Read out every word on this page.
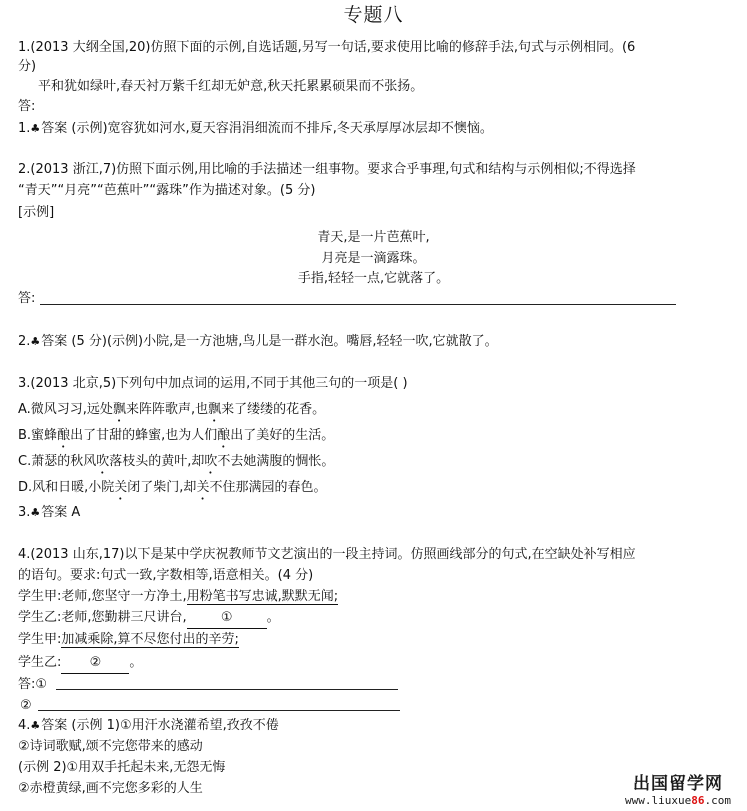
专题八
1.(2013 大纲全国,20)仿照下面的示例,自选话题,另写一句话,要求使用比喻的修辞手法,句式与示例相同。(6
分)
平和犹如绿叶,春天衬万紫千红却无妒意,秋天托累累硕果而不张扬。
答:
1.♣答案 (示例)宽容犹如河水,夏天容涓涓细流而不排斥,冬天承厚厚冰层却不懊恼。
2.(2013 浙江,7)仿照下面示例,用比喻的手法描述一组事物。要求合乎事理,句式和结构与示例相似;不得选择
“青天”“月亮”“芭蕉叶”“露珠”作为描述对象。(5 分)
[示例]
青天,是一片芭蕉叶,
月亮是一滴露珠。
手指,轻轻一点,它就落了。
答:
2.♣答案 (5 分)(示例)小院,是一方池塘,鸟儿是一群水泡。嘴唇,轻轻一吹,它就散了。
3.(2013 北京,5)下列句中加点词的运用,不同于其他三句的一项是( )
A.微风习习,远处飘来阵阵歌声,也飘来了缕缕的花香。
B.蜜蜂酿出了甘甜的蜂蜜,也为人们酿出了美好的生活。
C.萧瑟的秋风吹落枝头的黄叶,却吹不去她满腹的惆怅。
D.风和日暖,小院关闭了柴门,却关不住那满园的春色。
3.♣答案 A
4.(2013 山东,17)以下是某中学庆祝教师节文艺演出的一段主持词。仿照画线部分的句式,在空缺处补写相应
的语句。要求:句式一致,字数相等,语意相关。(4 分)
学生甲:老师,您坚守一方净土,用粉笔书写忠诚,默默无闻;
学生乙:老师,您勤耕三尺讲台,	①	。
学生甲:加减乘除,算不尽您付出的辛劳;
学生乙: ② 。
答:①
②
4.♣答案 (示例 1)①用汗水浇灌希望,孜孜不倦
②诗词歌赋,颂不完您带来的感动
(示例 2)①用双手托起未来,无怨无悔
②赤橙黄绿,画不完您多彩的人生	出国留学网
www.liuxue86.com
